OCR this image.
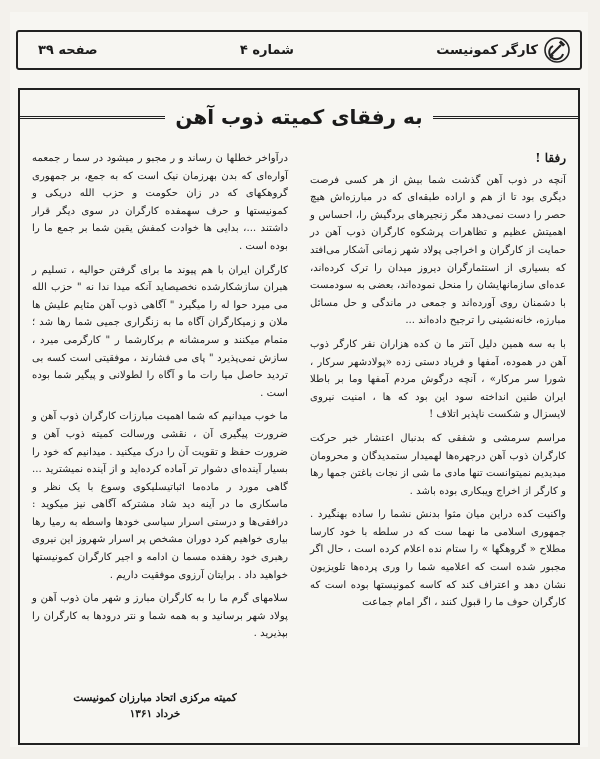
صفحه ۳۹	شماره ۴	کارگر کمونیست
به رفقای کمیته ذوب آهن
رفقا !

آنچه در ذوب آهن گذشت شما بیش از هر کسی فرصت دیگری بود تا از هم و اراده طبقه‌ای که در مبارزه‌اش هیچ حصر را دست نمی‌دهد مگر زنجیرهای بردگیش را، احساس و اهمیتش عظیم و تظاهرات پرشکوه کارگران ذوب آهن در حمایت از کارگران و اخراجی پولاد شهر زمانی آشکار می‌افتد که بسیاری از استثمارگران دیروز میدان را ترک کرده‌اند، عده‌ای سازمانها‌یشان را منحل نموده‌اند، بعضی به سودمست با دشمنان روی آورده‌اند و جمعی در ماندگی و حل مسائل مبارزه، خانه‌نشینی را ترجیح داده‌اند ...

با به سه همین دلیل آنتر ما ن کده هزاران نفر کارگر ذوب آهن در هموده، آمفها و فریاد دستی زده «پولادشهر سرکار ، شورا سر مرکار» ، آنچه درگوش مردم آمفها وما بر باطلا ایران طنین انداخته سود این بود که ها ، امنیت نیروی لایسزال و شکست ناپذیر اتلاف !

مراسم سرمشی و شفقی که بدنبال اعتشار خبر حرکت کارگران ذوب آهن درجهره‌ها لهمیدار ستمدیدگان و محرومان میدیدیم نمیتوانست تنها مادی ما شی از نجات باغتن جمها رها و کارگر از اخراج ویبکاری بوده باشد .

واکنیت کده دراین میان مثوا بدنش نشما را ساده بهنگیرد . جمهوری اسلامی ما نهما ست که در سلطه با خود کارسا مطلاح « گروهگها » را ستام نده اعلام کرده است ، حال اگر مجبور شده است که اعلامیه شما را وری پرده‌ها تلویزیون نشان دهد و اعتراف کند که کاسه کمونیستها بوده است که کارگران حوف ما را قبول کنند ، اگر امام جماعت

درآواخر خطلها ن رساند و ر مجبو ر میشود در سما ر جمعمه آواره‌ای که بدن بهرزمان نیک است که به جمع، بر جمهوری گروهکهای که در زان حکومت و حزب الله دریکی و کمونیستها و حرف سهمفده کارگران در سوی دیگر قرار داشتند ...، بدایی ها خوادت کمفش یقین شما بر جمع ما را بوده است .

کارگران ایران با هم پیوند ما برای گرفتن حوالیه ، تسلیم ر هبران سازشکارشده نخصیصاید آنکه میدا ندا نه " حزب الله می میرد حوا له را میگیرد " آگاهی ذوب آهن مثایم علیش ها ملان و زمیکارگران آگاه ما به زنگراری جمیی شما رها شد ؛ متمام میکنند و سرمشانه م برکارشما ر " کارگرمی میرد ، سازش نمی‌پذیرد " پای می فشارند ، موفقیتی است کسه بی تردید حاصل میا رات ما و آگاه را لطولانی و پیگیر شما بوده است .

ما خوب میدانیم که شما اهمیت مبارزات کارگران ذوب آهن و ضرورت پیگیری آن ، نقشی ورسالت کمیته ذوب آهن و ضرورت حفظ و تقویت آن را درک میکنید . میدانیم که خود را بسیار آینده‌ای دشوار تر آماده کرده‌اید و از آینده نمیشترید ... گاهی مورد ر ماده‌ما اثباتیسلیکوی وسوع با یک نظر و ما‌سکاری ما در آینه دید شاد مشترکه آگاهی نیز میکوید : درافقی‌ها و درستی اسرار سیاسی خودها واسطه به رمیا رها بیاری خواهیم کرد دوران مشخص پر اسرار شهروز این نیروی رهبری خود رهفده مسما ن ادامه و اجیر کارگران کمونیستها خواهید داد . برایتان آرزوی موفقیت داریم .

سلامهای گرم ما را به کارگران مبارز و شهر مان ذوب آهن و پولاد شهر برسانید و به همه شما و نتر درودها به کارگران را بپذیرید .

کمیته مرکزی اتحاد مبارزان کمونیست
خرداد ۱۳۶۱
